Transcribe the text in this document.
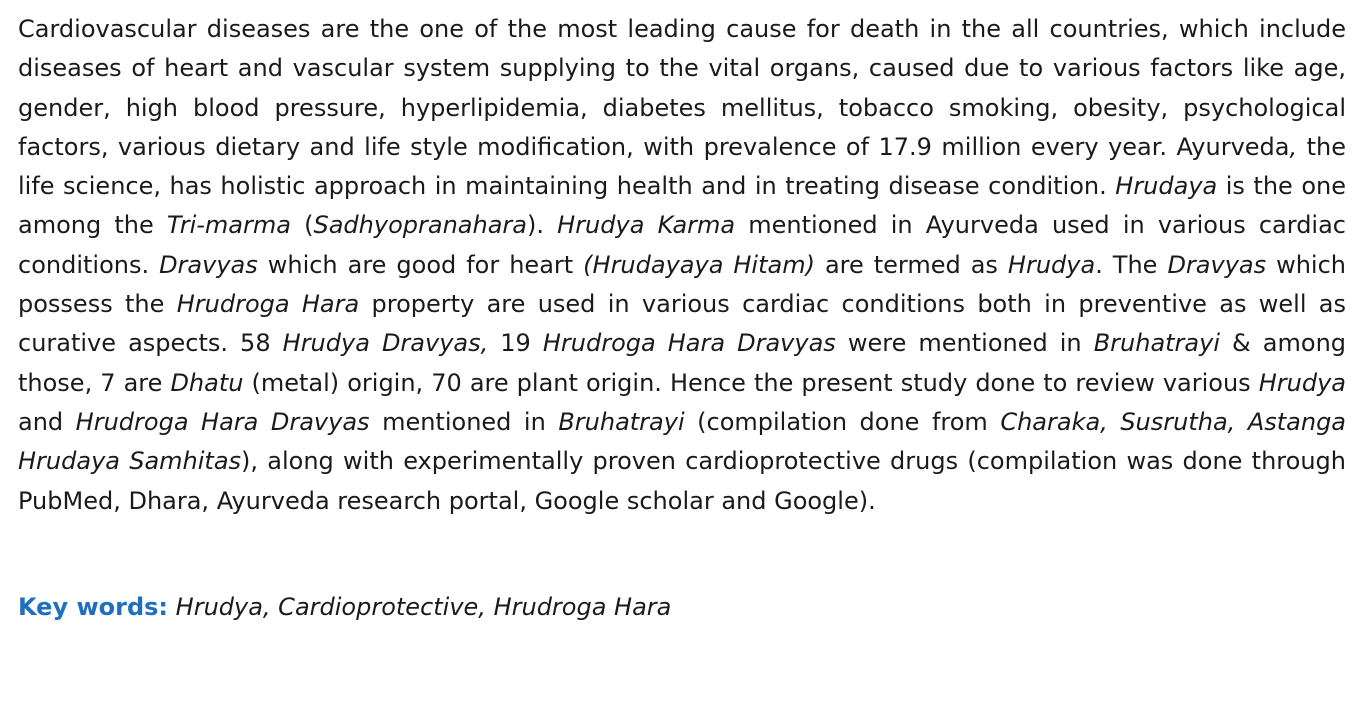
Cardiovascular diseases are the one of the most leading cause for death in the all countries, which include diseases of heart and vascular system supplying to the vital organs, caused due to various factors like age, gender, high blood pressure, hyperlipidemia, diabetes mellitus, tobacco smoking, obesity, psychological factors, various dietary and life style modification, with prevalence of 17.9 million every year. Ayurveda, the life science, has holistic approach in maintaining health and in treating disease condition. Hrudaya is the one among the Tri-marma (Sadhyopranahara). Hrudya Karma mentioned in Ayurveda used in various cardiac conditions. Dravyas which are good for heart (Hrudayaya Hitam) are termed as Hrudya. The Dravyas which possess the Hrudroga Hara property are used in various cardiac conditions both in preventive as well as curative aspects. 58 Hrudya Dravyas, 19 Hrudroga Hara Dravyas were mentioned in Bruhatrayi & among those, 7 are Dhatu (metal) origin, 70 are plant origin. Hence the present study done to review various Hrudya and Hrudroga Hara Dravyas mentioned in Bruhatrayi (compilation done from Charaka, Susrutha, Astanga Hrudaya Samhitas), along with experimentally proven cardioprotective drugs (compilation was done through PubMed, Dhara, Ayurveda research portal, Google scholar and Google).

Key words: Hrudya, Cardioprotective, Hrudroga Hara
